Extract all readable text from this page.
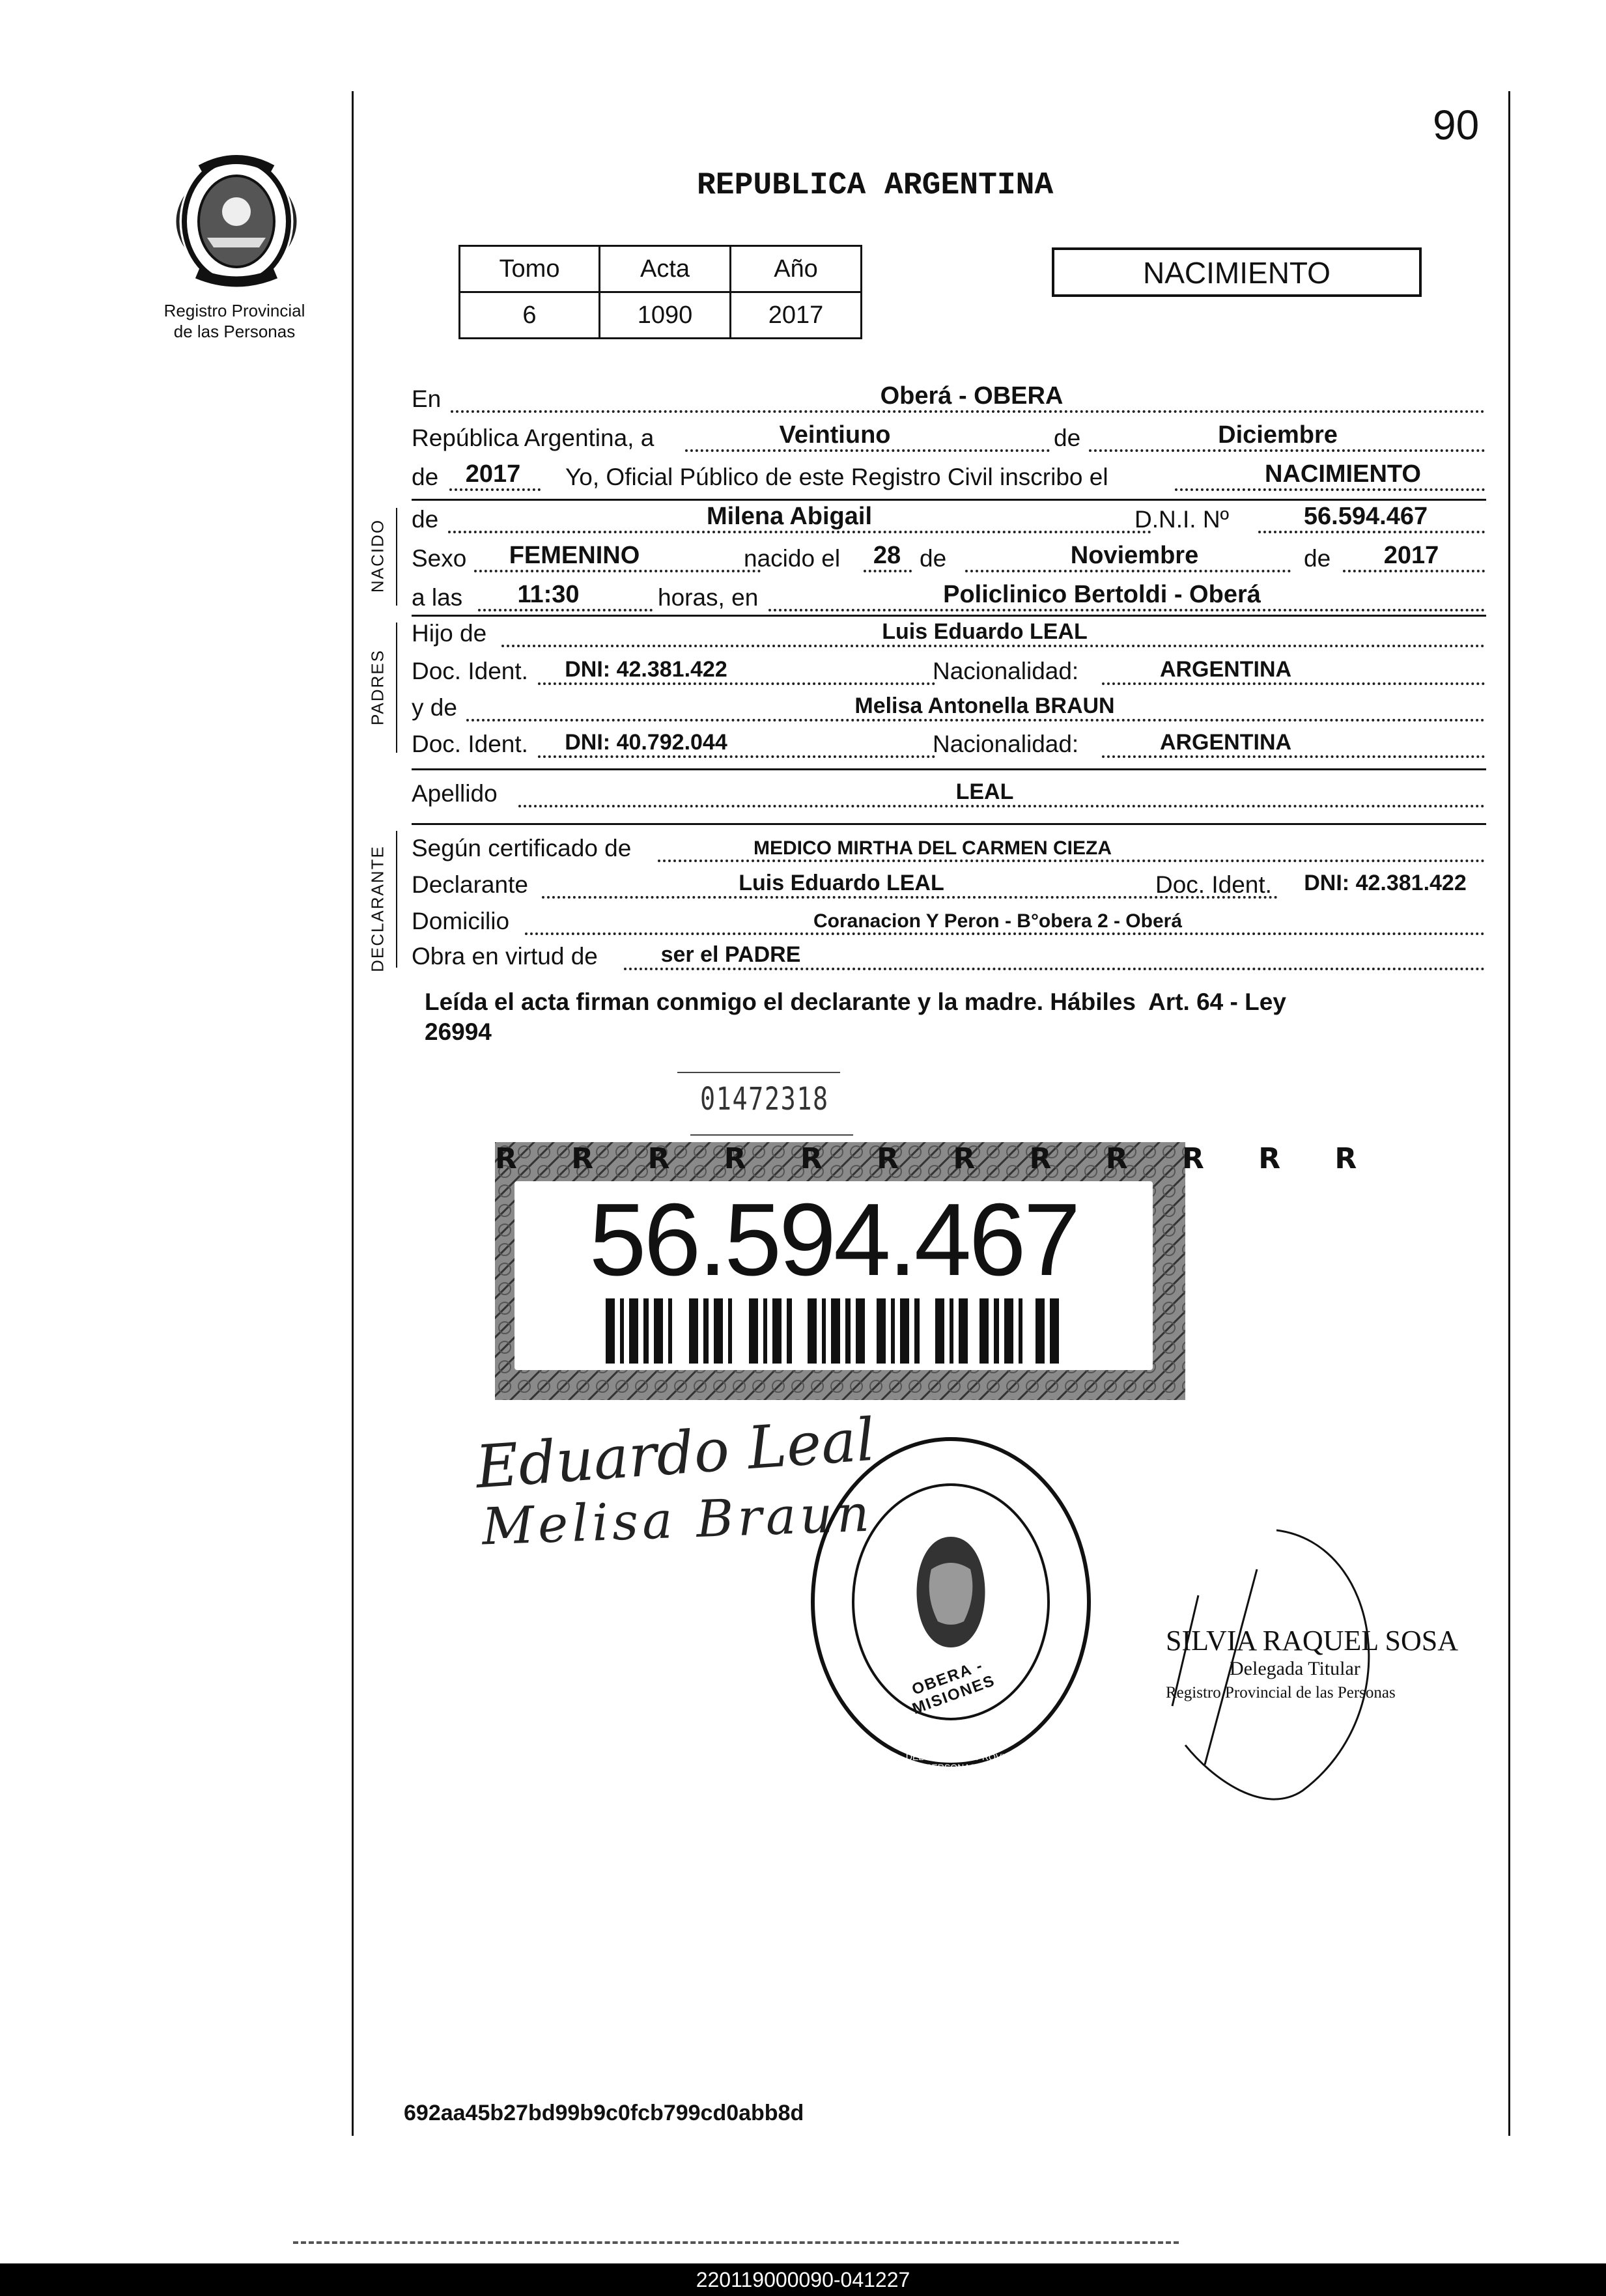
90
Registro Provincial
de las Personas
REPUBLICA ARGENTINA
Tomo	Acta	Año
6	1090	2017
NACIMIENTO
En	Oberá - OBERA
República Argentina, a	Veintiuno	de	Diciembre
de	2017	Yo, Oficial Público de este Registro Civil inscribo el	NACIMIENTO
NACIDO de	Milena Abigail	D.N.I. Nº	56.594.467
Sexo	FEMENINO	nacido el 28 de	Noviembre	de	2017
a las	11:30	horas, en	Policlinico Bertoldi - Oberá
PADRES
Hijo de	Luis Eduardo LEAL
Doc. Ident.	DNI: 42.381.422	Nacionalidad:	ARGENTINA
y de	Melisa Antonella BRAUN
Doc. Ident.	DNI: 40.792.044	Nacionalidad:	ARGENTINA
Apellido	LEAL
DECLARANTE Según certificado de	MEDICO MIRTHA DEL CARMEN CIEZA
Declarante	Luis Eduardo LEAL	Doc. Ident.	DNI: 42.381.422
Domicilio	Coranacion Y Peron - B°obera 2 - Oberá
Obra en virtud de	ser el PADRE
Leída el acta firman conmigo el declarante y la madre. Hábiles  Art. 64 - Ley
26994
01472318
R R R R R R R R R R R R
56.594.467
Eduardo Leal
Melisa Braun
DIRECC. GRAL. DEL REGISTRO PROVINCIAL DE LAS PERSONAS
OBERA - MISIONES
SILVIA RAQUEL SOSA
Delegada Titular
Registro Provincial de las Personas
692aa45b27bd99b9c0fcb799cd0abb8d
220119000090-041227
